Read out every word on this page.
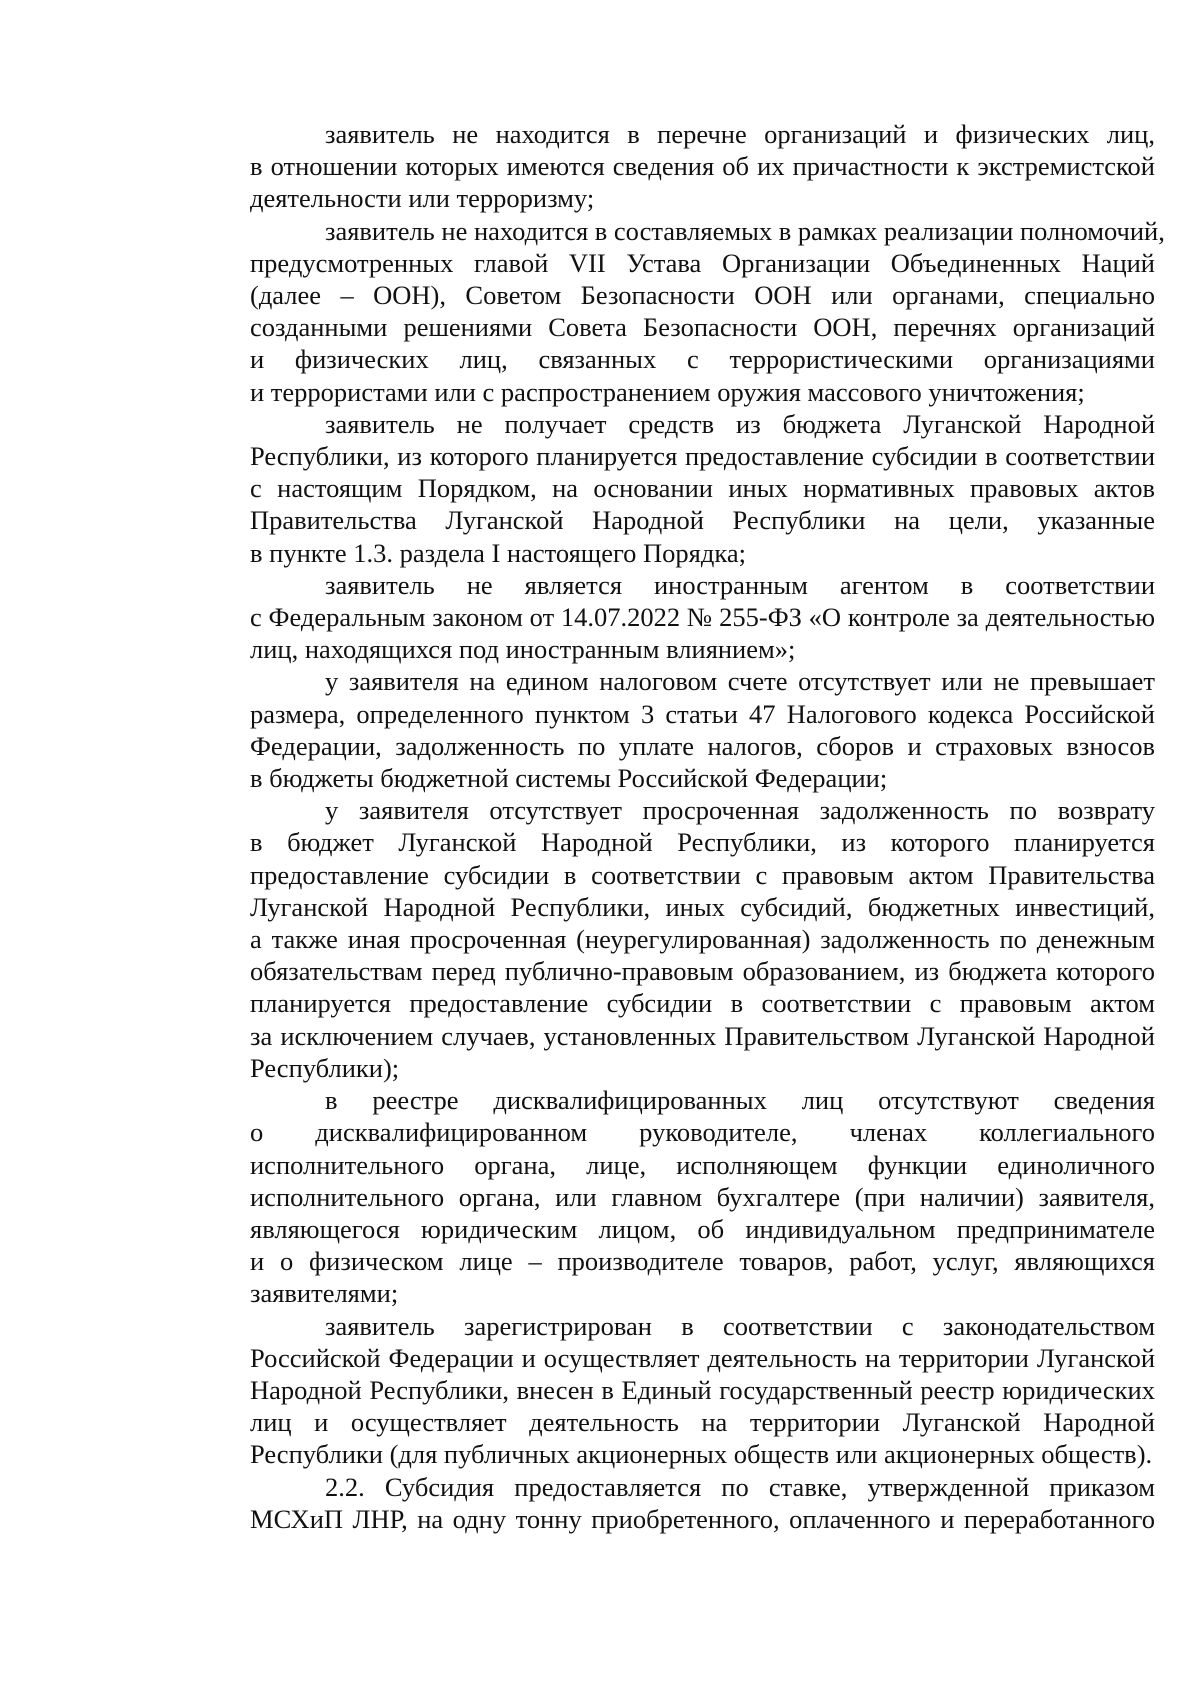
заявитель не находится в перечне организаций и физических лиц,
в отношении которых имеются сведения об их причастности к экстремистской
деятельности или терроризму;
заявитель не находится в составляемых в рамках реализации полномочий,
предусмотренных главой VII Устава Организации Объединенных Наций
(далее – ООН), Советом Безопасности ООН или органами, специально
созданными решениями Совета Безопасности ООН, перечнях организаций
и физических лиц, связанных с террористическими организациями
и террористами или с распространением оружия массового уничтожения;
заявитель не получает средств из бюджета Луганской Народной
Республики, из которого планируется предоставление субсидии в соответствии
с настоящим Порядком, на основании иных нормативных правовых актов
Правительства Луганской Народной Республики на цели, указанные
в пункте 1.3. раздела I настоящего Порядка;
заявитель не является иностранным агентом в соответствии
с Федеральным законом от 14.07.2022 № 255-ФЗ «О контроле за деятельностью
лиц, находящихся под иностранным влиянием»;
у заявителя на едином налоговом счете отсутствует или не превышает
размера, определенного пунктом 3 статьи 47 Налогового кодекса Российской
Федерации, задолженность по уплате налогов, сборов и страховых взносов
в бюджеты бюджетной системы Российской Федерации;
у заявителя отсутствует просроченная задолженность по возврату
в бюджет Луганской Народной Республики, из которого планируется
предоставление субсидии в соответствии с правовым актом Правительства
Луганской Народной Республики, иных субсидий, бюджетных инвестиций,
а также иная просроченная (неурегулированная) задолженность по денежным
обязательствам перед публично-правовым образованием, из бюджета которого
планируется предоставление субсидии в соответствии с правовым актом
за исключением случаев, установленных Правительством Луганской Народной
Республики);
в реестре дисквалифицированных лиц отсутствуют сведения
о дисквалифицированном руководителе, членах коллегиального
исполнительного органа, лице, исполняющем функции единоличного
исполнительного органа, или главном бухгалтере (при наличии) заявителя,
являющегося юридическим лицом, об индивидуальном предпринимателе
и о физическом лице – производителе товаров, работ, услуг, являющихся
заявителями;
заявитель зарегистрирован в соответствии с законодательством
Российской Федерации и осуществляет деятельность на территории Луганской
Народной Республики, внесен в Единый государственный реестр юридических
лиц и осуществляет деятельность на территории Луганской Народной
Республики (для публичных акционерных обществ или акционерных обществ).
2.2. Субсидия предоставляется по ставке, утвержденной приказом
МСХиП ЛНР, на одну тонну приобретенного, оплаченного и переработанного
